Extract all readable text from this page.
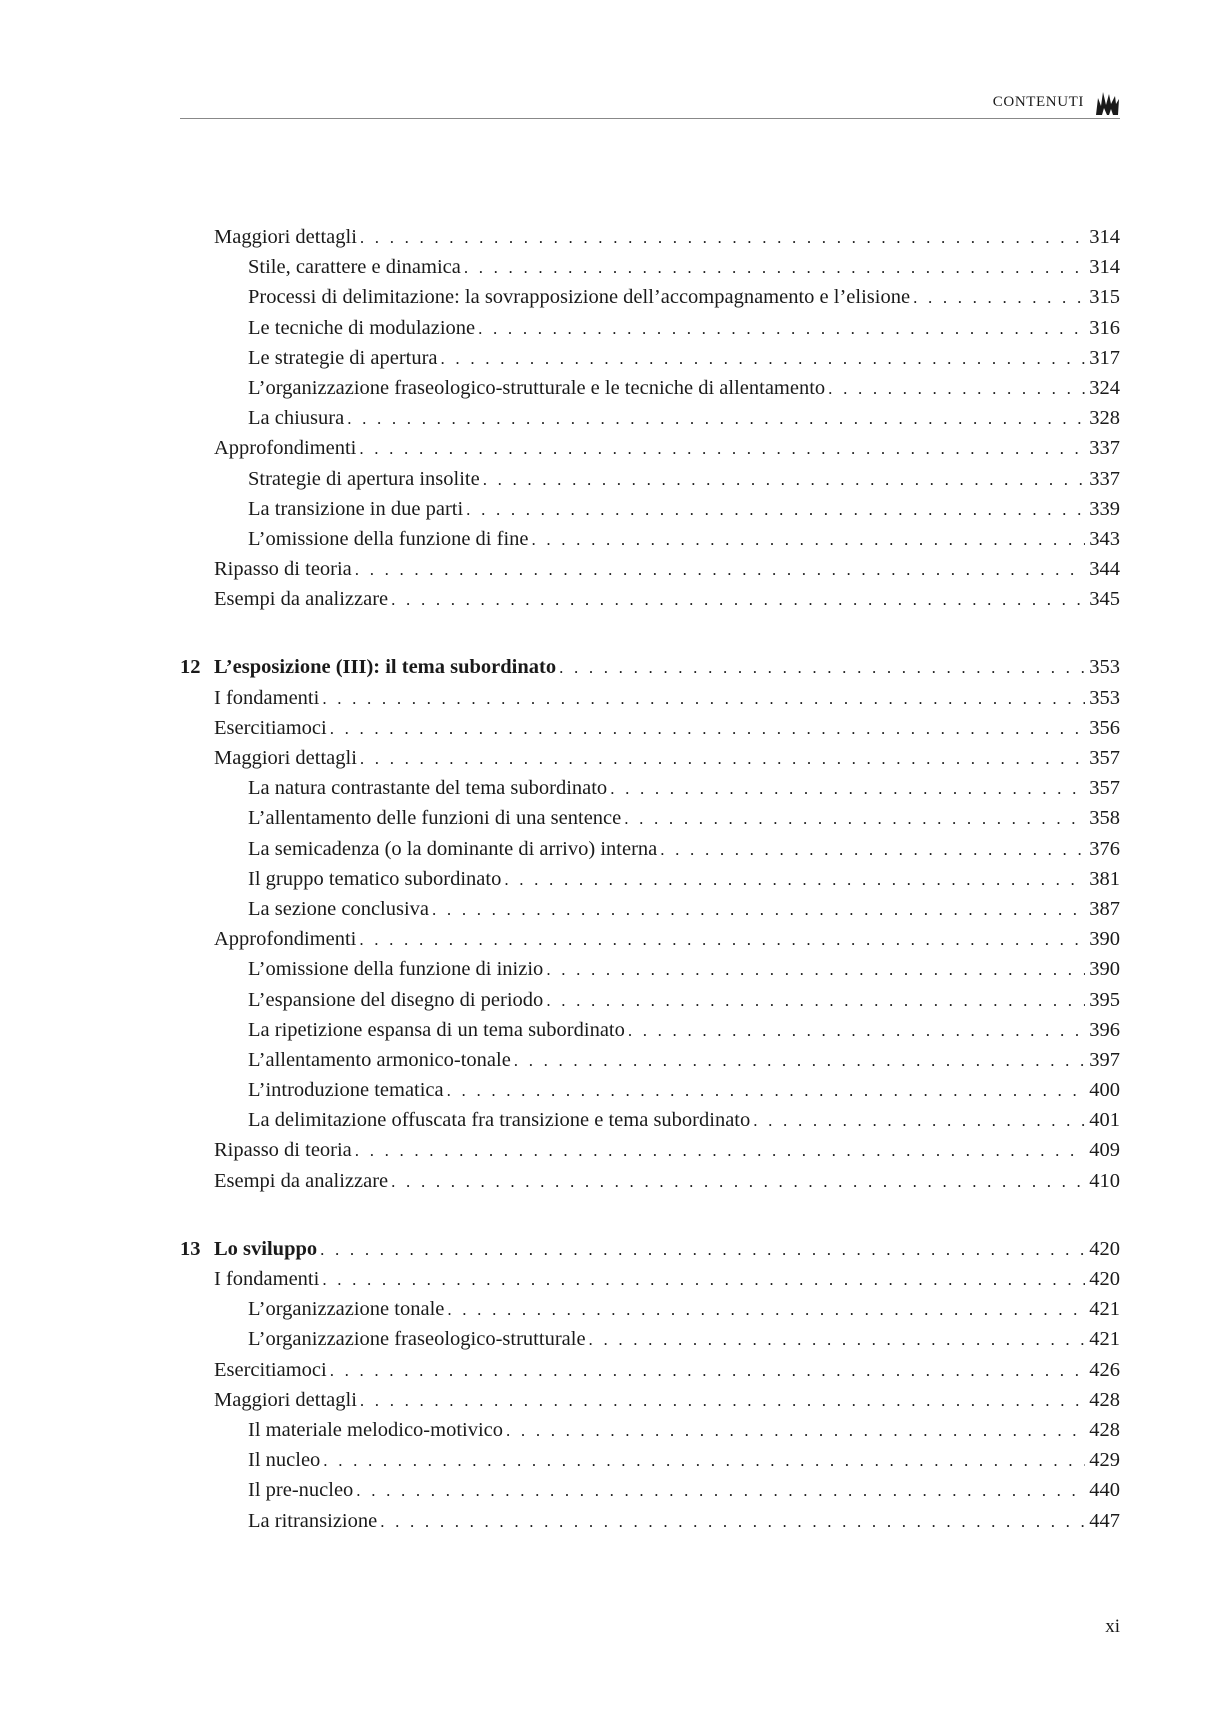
CONTENUTI
Maggiori dettagli . . .	314
Stile, carattere e dinamica . . .	314
Processi di delimitazione: la sovrapposizione dell’accompagnamento e l’elisione . . .	315
Le tecniche di modulazione . . .	316
Le strategie di apertura . . .	317
L’organizzazione fraseologico-strutturale e le tecniche di allentamento . . .	324
La chiusura . . .	328
Approfondimenti . . .	337
Strategie di apertura insolite . . .	337
La transizione in due parti . . .	339
L’omissione della funzione di fine . . .	343
Ripasso di teoria . . .	344
Esempi da analizzare . . .	345
12 L’esposizione (III): il tema subordinato . . .	353
I fondamenti . . .	353
Esercitiamoci . . .	356
Maggiori dettagli . . .	357
La natura contrastante del tema subordinato . . .	357
L’allentamento delle funzioni di una sentence . . .	358
La semicadenza (o la dominante di arrivo) interna . . .	376
Il gruppo tematico subordinato . . .	381
La sezione conclusiva . . .	387
Approfondimenti . . .	390
L’omissione della funzione di inizio . . .	390
L’espansione del disegno di periodo . . .	395
La ripetizione espansa di un tema subordinato . . .	396
L’allentamento armonico-tonale . . .	397
L’introduzione tematica . . .	400
La delimitazione offuscata fra transizione e tema subordinato . . .	401
Ripasso di teoria . . .	409
Esempi da analizzare . . .	410
13 Lo sviluppo . . .	420
I fondamenti . . .	420
L’organizzazione tonale . . .	421
L’organizzazione fraseologico-strutturale . . .	421
Esercitiamoci . . .	426
Maggiori dettagli . . .	428
Il materiale melodico-motivico . . .	428
Il nucleo . . .	429
Il pre-nucleo . . .	440
La ritransizione . . .	447
xi
